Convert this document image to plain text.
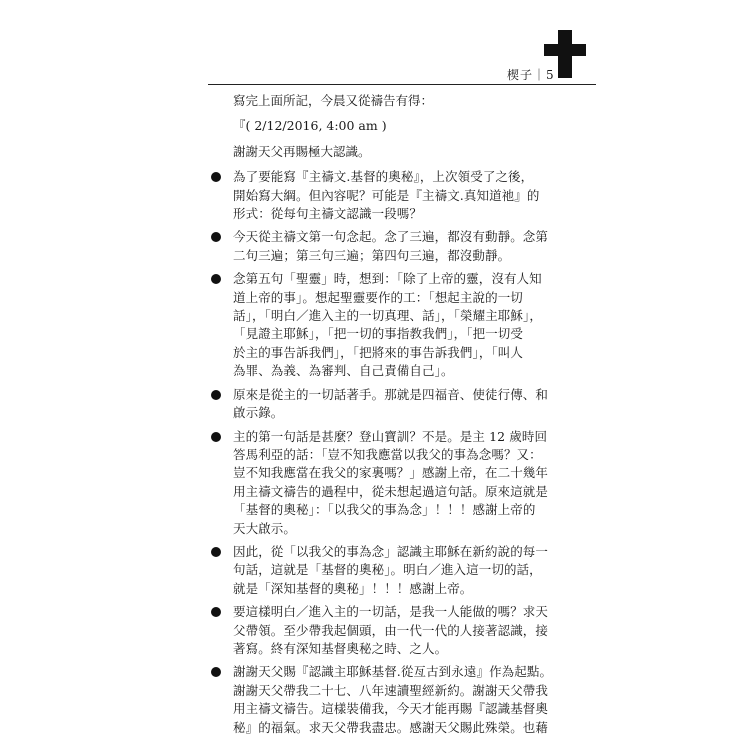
楔子｜5

寫完上面所記，今晨又從禱告有得：

『( 2/12/2016, 4:00 am )

謝謝天父再賜極大認識。

為了要能寫『主禱文.基督的奧秘』，上次領受了之後，
開始寫大綱。但內容呢？可能是『主禱文.真知道祂』的
形式：從每句主禱文認識一段嗎？
今天從主禱文第一句念起。念了三遍，都沒有動靜。念第
二句三遍；第三句三遍；第四句三遍，都沒動靜。
念第五句「聖靈」時，想到：「除了上帝的靈，沒有人知
道上帝的事」。想起聖靈要作的工：「想起主說的一切
話」，「明白／進入主的一切真理、話」，「榮耀主耶穌」，
「見證主耶穌」，「把一切的事指教我們」，「把一切受
於主的事告訴我們」，「把將來的事告訴我們」，「叫人
為罪、為義、為審判、自己責備自己」。
原來是從主的一切話著手。那就是四福音、使徒行傳、和
啟示錄。
主的第一句話是甚麼？登山寶訓？不是。是主 12 歲時回
答馬利亞的話：「豈不知我應當以我父的事為念嗎？又：
豈不知我應當在我父的家裏嗎？」感謝上帝，在二十幾年
用主禱文禱告的過程中，從未想起過這句話。原來這就是
「基督的奧秘」：「以我父的事為念」！！！感謝上帝的
天大啟示。
因此，從「以我父的事為念」認識主耶穌在新約說的每一
句話，這就是「基督的奧秘」。明白／進入這一切的話，
就是「深知基督的奧秘」！！！感謝上帝。
要這樣明白／進入主的一切話，是我一人能做的嗎？求天
父帶領。至少帶我起個頭，由一代一代的人接著認識，接
著寫。終有深知基督奧秘之時、之人。
謝謝天父賜『認識主耶穌基督.從亙古到永遠』作為起點。
謝謝天父帶我二十七、八年速讀聖經新約。謝謝天父帶我
用主禱文禱告。這樣裝備我，今天才能再賜『認識基督奧
秘』的福氣。求天父帶我盡忠。感謝天父賜此殊榮。也藉
